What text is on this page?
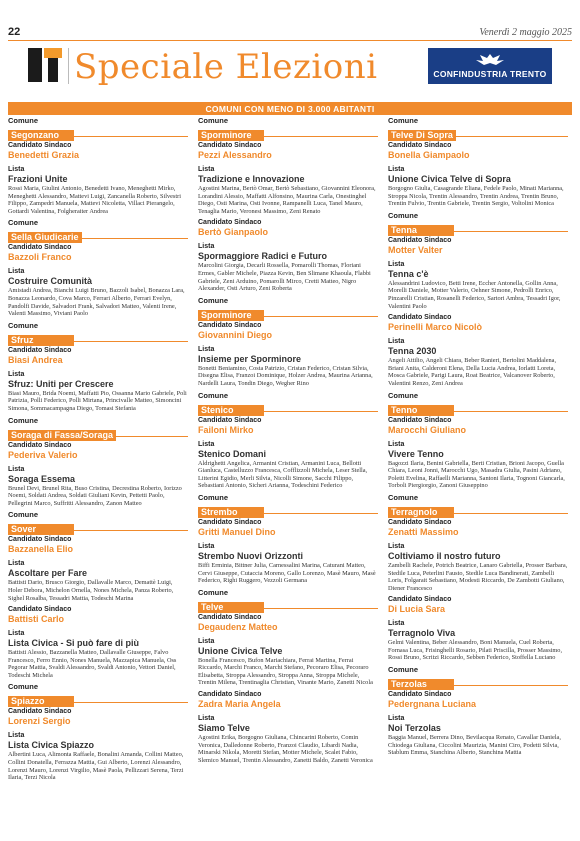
22	Venerdì 2 maggio 2025
Speciale Elezioni	CONFINDUSTRIA TRENTO
COMUNI CON MENO DI 3.000 ABITANTI
Comune
Segonzano
Candidato Sindaco
Benedetti Grazia
Lista
Frazioni Unite
Rossi Maria, Giulini Antonio, Benedetti Ivano, Meneghetti Mirko, Meneghetti Alessandro, Mattevi Luigi, Zancanella Roberto, Silvestri Filippo, Zampedri Manuela, Mattevi Nicoletta, Villaci Pierangelo, Gottardi Valentina, Folgheraiter Andrea
Comune
Sella Giudicarie
Candidato Sindaco
Bazzoli Franco
Lista
Costruire Comunità
Amistadi Andrea, Bianchi Luigi Bruno, Bazzoli Isabel, Bonazza Lara, Bonazza Leonardo, Cova Marco, Ferrari Alberto, Ferrari Evelyn, Pandolfi Davide, Salvadori Frank, Salvadori Matteo, Valenti Irene, Valenti Massimo, Viviani Paolo
Comune
Sfruz
Candidato Sindaco
Biasi Andrea
Lista
Sfruz: Uniti per Crescere
Biasi Mauro, Brida Noemi, Maffatti Pio, Ossanna Mario Gabriele, Poli Patrizia, Polli Federico, Polli Mirtana, Princivalle Matteo, Simoncini Simona, Sommacampagna Diego, Tomasi Stefania
Comune
Soraga di Fassa/Soraga
Candidato Sindaco
Pederiva Valerio
Lista
Soraga Essema
Brunel Devi, Brunel Rita, Buso Cristina, Decrestina Roberto, Iorizzo Noemi, Soldati Andrea, Soldati Giuliani Kevin, Pettetti Paolo, Pellegrini Marco, Suffritti Alessandro, Zanon Matteo
Comune
Sover
Candidato Sindaco
Bazzanella Elio
Lista
Ascoltare per Fare
Battisti Dario, Brusco Giorgio, Dallavalle Marco, Demattè Luigi, Holer Debora, Michelon Ornella, Nones Michela, Panza Roberto, Sighel Rosalba, Tessadri Mattia, Todeschi Marina
Candidato Sindaco
Battisti Carlo
Lista
Lista Civica - Si può fare di più
Battisti Alessio, Bazzanella Matteo, Dallavalle Giuseppe, Falvo Francesco, Ferro Ennio, Nones Manuela, Mazzapica Manuela, Oss Pegorar Mattia, Svaldi Alessandro, Svaldi Antonio, Vettori Daniel, Todeschi Michela
Comune
Spiazzo
Candidato Sindaco
Lorenzi Sergio
Lista
Lista Civica Spiazzo
Albertini Luca, Alimonta Raffaele, Bonalini Amanda, Collini Matteo, Collini Donatella, Ferrazza Mattia, Gui Alberto, Lorenzi Alessandro, Lorenzi Mauro, Lorenzi Virgilio, Masè Paola, Pellizzari Serena, Terzi Ilaria, Terzi Nicola
Comune
Sporminore
Candidato Sindaco
Pezzi Alessandro
Lista
Tradizione e Innovazione
Agostini Marina, Bertò Omar, Bertò Sebastiano, Giovannini Eleonora, Lorandini Alessio, Maffatti Alfonsino, Maurina Carla, Onestinghel Diego, Osti Marina, Osti Ivonne, Rampanelli Luca, Tanel Mauro, Tenaglia Mario, Veronesi Massimo, Zeni Renato
Candidato Sindaco
Bertò Gianpaolo
Lista
Spormaggiore Radici e Futuro
Marcolini Giorgia, Decarli Rossella, Pomarolli Thomas, Floriani Ermes, Gabler Michele, Piazza Kevin, Ben Slimane Khaoula, Flabbi Gabriele, Zeni Arduino, Pomarolli Mirco, Cretti Matteo, Nigro Alexander, Osti Arturo, Zeni Roberta
Comune
Sporminore
Candidato Sindaco
Giovannini Diego
Lista
Insieme per Sporminore
Bonetti Beniamino, Costa Patrizio, Cristan Federico, Cristan Silvia, Disegna Elisa, Franzoi Dominique, Holzer Andrea, Maurina Arianna, Nardelli Laura, Tondin Diego, Wegher Rino
Comune
Stenico
Candidato Sindaco
Failoni Mirko
Lista
Stenico Domani
Aldrighetti Angelica, Armanini Cristian, Armanini Luca, Bellotti Gianluca, Castelluzzo Francesca, Cofflizzoli Michela, Leser Stella, Litterini Egidio, Merli Silvia, Nicolli Simone, Sacchi Filippo, Sebastiani Antonio, Sicheri Arianna, Todeschini Federico
Comune
Strembo
Candidato Sindaco
Gritti Manuel Dino
Lista
Strembo Nuovi Orizzonti
Biffi Erminia, Bittner Julia, Carnessalini Marina, Caturani Matteo, Cervi Giuseppe, Cutaccia Moreno, Gallo Lorenzo, Masè Mauro, Masè Federico, Righi Ruggero, Vezzoli Germana
Comune
Telve
Candidato Sindaco
Degaudenz Matteo
Lista
Unione Civica Telve
Bonella Francesco, Bufon Mariachiara, Ferrai Martina, Ferrai Riccardo, Marchi Franco, Marchi Stefano, Pecoraro Elisa, Pecoraro Elisabetta, Stroppa Alessandro, Stroppa Anna, Stroppa Michele, Trentin Milena, Trentinaglia Christian, Vinante Mario, Zanetti Nicola
Candidato Sindaco
Zadra Maria Angela
Lista
Siamo Telve
Agostini Erika, Borgogno Giuliana, Chincarini Roberto, Comin Veronica, Dalledonne Roberto, Franzoi Claudio, Libardi Nadia, Minarski Nikola, Moretti Stefan, Motter Michele, Scalet Fabio, Slemico Manuel, Trentin Alessandro, Zanetti Baldo, Zanetti Veronica
Comune
Telve Di Sopra
Candidato Sindaco
Bonella Giampaolo
Lista
Unione Civica Telve di Sopra
Borgogno Giulia, Casagrande Eliana, Fedele Paolo, Minati Marianna, Stroppa Nicola, Trentin Alessandro, Trentin Andrea, Trentin Bruno, Trentin Fulvio, Trentin Gabriele, Trentin Sergio, Voltolini Monica
Comune
Tenna
Candidato Sindaco
Motter Valter
Lista
Tenna c'è
Alessandrini Ludovico, Betti Irene, Eccher Antonella, Gollin Anna, Morelli Daniele, Motter Valerio, Oehner Simone, Pedrolli Enrico, Pinzarelli Cristian, Rosanelli Federico, Sartori Ambra, Tessadri Igor, Valentini Paolo
Candidato Sindaco
Perinelli Marco Nicolò
Lista
Tenna 2030
Angeli Attilio, Angeli Chiara, Beber Ranieri, Bertolini Maddalena, Briani Anita, Calderoni Elena, Della Lucia Andrea, Iorlatti Loreta, Mosca Gabriele, Parigi Laura, Roat Beatrice, Valcanover Roberto, Valentini Renzo, Zeni Andrea
Comune
Tenno
Candidato Sindaco
Marocchi Giuliano
Lista
Vivere Tenno
Bagozzi Ilaria, Benini Gabriella, Berti Cristian, Brioni Jacopo, Guella Chiara, Leoni Jonni, Marocchi Ugo, Masadra Giulia, Pasini Adriano, Poletti Evelina, Raffaelli Marianna, Santoni Ilaria, Tognoni Giancarla, Torboli Piergiorgio, Zanoni Giuseppino
Comune
Terragnolo
Candidato Sindaco
Zenatti Massimo
Lista
Coltiviamo il nostro futuro
Zambelli Rachele, Potrich Beatrice, Lanaro Gabriella, Prosser Barbara, Stedile Luca, Peterlini Fausto, Stedile Luca Bandinerati, Zambelli Loris, Folgarait Sebastiano, Modesti Riccardo, De Zambotti Giuliano, Diener Francesco
Candidato Sindaco
Di Lucia Sara
Lista
Terragnolo Viva
Gelmi Valentina, Beber Alessandro, Boni Manuela, Cuel Roberta, Fornasa Luca, Frisinghelli Rosario, Pilati Priscilla, Prosser Massimo, Rossi Bruno, Scritzi Riccardo, Sebben Federico, Stoffella Luciano
Comune
Terzolas
Candidato Sindaco
Pedergnana Luciana
Lista
Noi Terzolas
Baggia Manuel, Berrera Dino, Bevilacqua Renato, Cavallar Daniela, Chiodega Giuliana, Ciccolini Maurizia, Manini Ciro, Podetti Silvia, Stablum Emma, Stanchina Alberto, Stanchina Mattia
